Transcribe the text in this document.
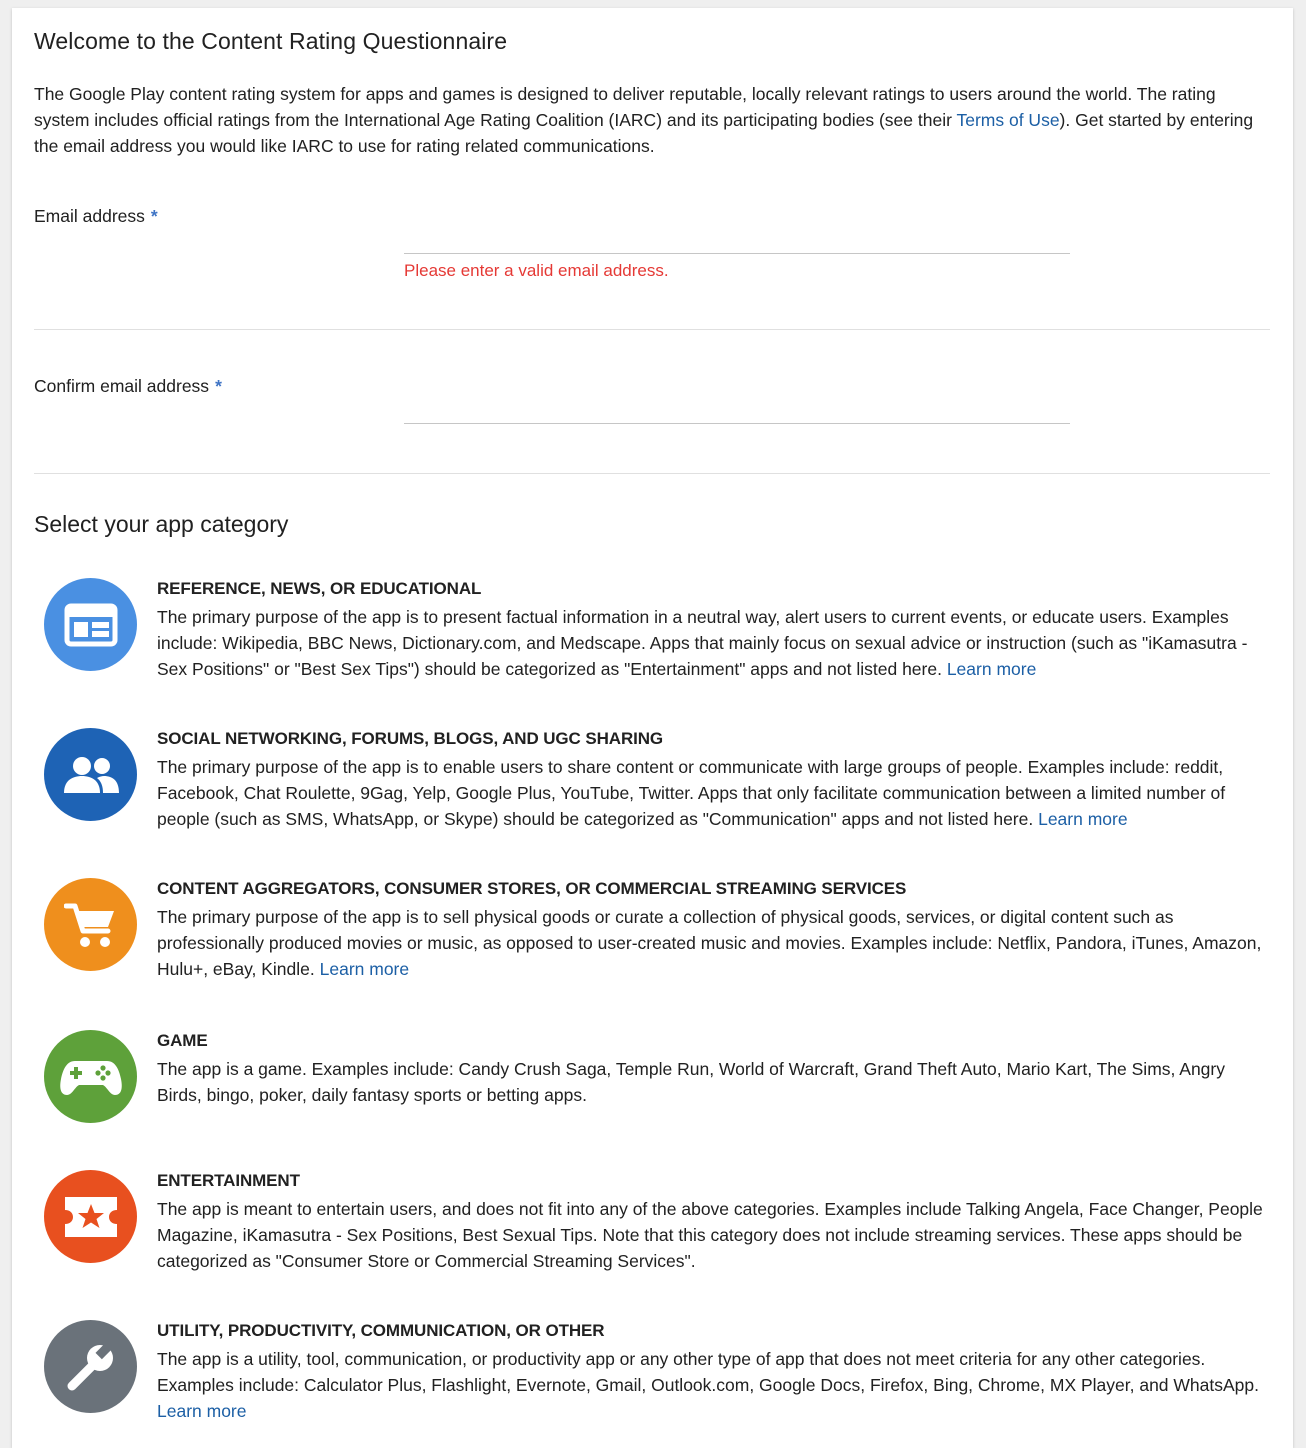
Welcome to the Content Rating Questionnaire

The Google Play content rating system for apps and games is designed to deliver reputable, locally relevant ratings to users around the world. The rating system includes official ratings from the International Age Rating Coalition (IARC) and its participating bodies (see their Terms of Use). Get started by entering the email address you would like IARC to use for rating related communications.

Email address *
Please enter a valid email address.
Confirm email address *
Select your app category
REFERENCE, NEWS, OR EDUCATIONAL
The primary purpose of the app is to present factual information in a neutral way, alert users to current events, or educate users. Examples include: Wikipedia, BBC News, Dictionary.com, and Medscape. Apps that mainly focus on sexual advice or instruction (such as "iKamasutra - Sex Positions" or "Best Sex Tips") should be categorized as "Entertainment" apps and not listed here. Learn more
SOCIAL NETWORKING, FORUMS, BLOGS, AND UGC SHARING
The primary purpose of the app is to enable users to share content or communicate with large groups of people. Examples include: reddit, Facebook, Chat Roulette, 9Gag, Yelp, Google Plus, YouTube, Twitter. Apps that only facilitate communication between a limited number of people (such as SMS, WhatsApp, or Skype) should be categorized as "Communication" apps and not listed here. Learn more
CONTENT AGGREGATORS, CONSUMER STORES, OR COMMERCIAL STREAMING SERVICES
The primary purpose of the app is to sell physical goods or curate a collection of physical goods, services, or digital content such as professionally produced movies or music, as opposed to user-created music and movies. Examples include: Netflix, Pandora, iTunes, Amazon, Hulu+, eBay, Kindle. Learn more
GAME
The app is a game. Examples include: Candy Crush Saga, Temple Run, World of Warcraft, Grand Theft Auto, Mario Kart, The Sims, Angry Birds, bingo, poker, daily fantasy sports or betting apps.
ENTERTAINMENT
The app is meant to entertain users, and does not fit into any of the above categories. Examples include Talking Angela, Face Changer, People Magazine, iKamasutra - Sex Positions, Best Sexual Tips. Note that this category does not include streaming services. These apps should be categorized as "Consumer Store or Commercial Streaming Services".
UTILITY, PRODUCTIVITY, COMMUNICATION, OR OTHER
The app is a utility, tool, communication, or productivity app or any other type of app that does not meet criteria for any other categories. Examples include: Calculator Plus, Flashlight, Evernote, Gmail, Outlook.com, Google Docs, Firefox, Bing, Chrome, MX Player, and WhatsApp. Learn more
